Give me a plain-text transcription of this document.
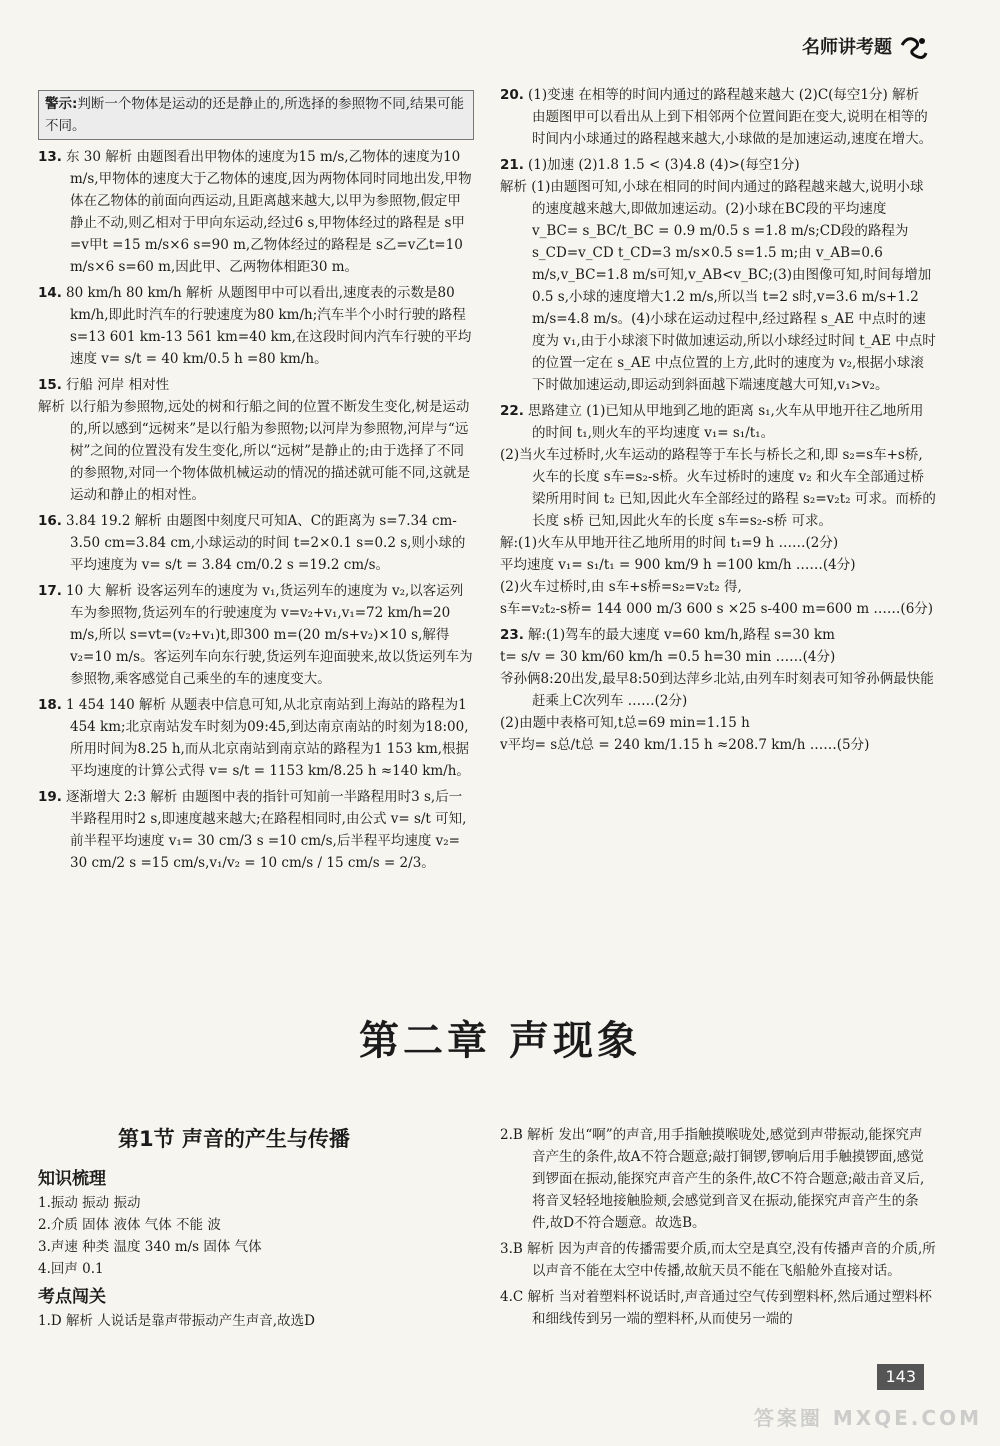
名师讲考题
警示:判断一个物体是运动的还是静止的,所选择的参照物不同,结果可能不同。
13. 东 30 解析 由题图看出甲物体的速度为15 m/s,乙物体的速度为10 m/s,甲物体的速度大于乙物体的速度,因为两物体同时同地出发,甲物体在乙物体的前面向西运动,且距离越来越大,以甲为参照物,假定甲静止不动,则乙相对于甲向东运动,经过6 s,甲物体经过的路程是 s甲=v甲t =15 m/s×6 s=90 m,乙物体经过的路程是 s乙=v乙t=10 m/s×6 s=60 m,因此甲、乙两物体相距30 m。
14. 80 km/h 80 km/h 解析 从题图甲中可以看出,速度表的示数是80 km/h,即此时汽车的行驶速度为80 km/h;汽车半个小时行驶的路程 s=13 601 km-13 561 km=40 km,在这段时间内汽车行驶的平均速度 v= s/t = 40 km/0.5 h =80 km/h。
15. 行船 河岸 相对性
解析 以行船为参照物,远处的树和行船之间的位置不断发生变化,树是运动的,所以感到“远树来”是以行船为参照物;以河岸为参照物,河岸与“远树”之间的位置没有发生变化,所以“远树”是静止的;由于选择了不同的参照物,对同一个物体做机械运动的情况的描述就可能不同,这就是运动和静止的相对性。
16. 3.84 19.2 解析 由题图中刻度尺可知A、C的距离为 s=7.34 cm-3.50 cm=3.84 cm,小球运动的时间 t=2×0.1 s=0.2 s,则小球的平均速度为 v= s/t = 3.84 cm/0.2 s =19.2 cm/s。
17. 10 大 解析 设客运列车的速度为 v₁,货运列车的速度为 v₂,以客运列车为参照物,货运列车的行驶速度为 v=v₂+v₁,v₁=72 km/h=20 m/s,所以 s=vt=(v₂+v₁)t,即300 m=(20 m/s+v₂)×10 s,解得 v₂=10 m/s。客运列车向东行驶,货运列车迎面驶来,故以货运列车为参照物,乘客感觉自己乘坐的车的速度变大。
18. 1 454 140 解析 从题表中信息可知,从北京南站到上海站的路程为1 454 km;北京南站发车时刻为09:45,到达南京南站的时刻为18:00,所用时间为8.25 h,而从北京南站到南京站的路程为1 153 km,根据平均速度的计算公式得 v= s/t = 1153 km/8.25 h ≈140 km/h。
19. 逐渐增大 2:3 解析 由题图中表的指针可知前一半路程用时3 s,后一半路程用时2 s,即速度越来越大;在路程相同时,由公式 v= s/t 可知,前半程平均速度 v₁= 30 cm/3 s =10 cm/s,后半程平均速度 v₂= 30 cm/2 s =15 cm/s,v₁/v₂ = 10 cm/s / 15 cm/s = 2/3。
20. (1)变速 在相等的时间内通过的路程越来越大 (2)C(每空1分) 解析 由题图甲可以看出从上到下相邻两个位置间距在变大,说明在相等的时间内小球通过的路程越来越大,小球做的是加速运动,速度在增大。
21. (1)加速 (2)1.8 1.5 < (3)4.8 (4)>(每空1分)
解析 (1)由题图可知,小球在相同的时间内通过的路程越来越大,说明小球的速度越来越大,即做加速运动。(2)小球在BC段的平均速度 v_BC= s_BC/t_BC = 0.9 m/0.5 s =1.8 m/s;CD段的路程为 s_CD=v_CD t_CD=3 m/s×0.5 s=1.5 m;由 v_AB=0.6 m/s,v_BC=1.8 m/s可知,v_AB<v_BC;(3)由图像可知,时间每增加0.5 s,小球的速度增大1.2 m/s,所以当 t=2 s时,v=3.6 m/s+1.2 m/s=4.8 m/s。(4)小球在运动过程中,经过路程 s_AE 中点时的速度为 v₁,由于小球滚下时做加速运动,所以小球经过时间 t_AE 中点时的位置一定在 s_AE 中点位置的上方,此时的速度为 v₂,根据小球滚下时做加速运动,即运动到斜面越下端速度越大可知,v₁>v₂。
22. 思路建立 (1)已知从甲地到乙地的距离 s₁,火车从甲地开往乙地所用的时间 t₁,则火车的平均速度 v₁= s₁/t₁。
(2)当火车过桥时,火车运动的路程等于车长与桥长之和,即 s₂=s车+s桥,火车的长度 s车=s₂-s桥。火车过桥时的速度 v₂ 和火车全部通过桥梁所用时间 t₂ 已知,因此火车全部经过的路程 s₂=v₂t₂ 可求。而桥的长度 s桥 已知,因此火车的长度 s车=s₂-s桥 可求。
解:(1)火车从甲地开往乙地所用的时间 t₁=9 h ……(2分)
平均速度 v₁= s₁/t₁ = 900 km/9 h =100 km/h ……(4分)
(2)火车过桥时,由 s车+s桥=s₂=v₂t₂ 得,
s车=v₂t₂-s桥= 144 000 m/3 600 s ×25 s-400 m=600 m ……(6分)
23. 解:(1)驾车的最大速度 v=60 km/h,路程 s=30 km
t= s/v = 30 km/60 km/h =0.5 h=30 min ……(4分)
爷孙俩8:20出发,最早8:50到达萍乡北站,由列车时刻表可知爷孙俩最快能赶乘上C次列车 ……(2分)
(2)由题中表格可知,t总=69 min=1.15 h
v平均= s总/t总 = 240 km/1.15 h ≈208.7 km/h ……(5分)
第二章 声现象
第1节 声音的产生与传播
知识梳理
1.振动 振动 振动
2.介质 固体 液体 气体 不能 波
3.声速 种类 温度 340 m/s 固体 气体
4.回声 0.1
考点闯关
1.D 解析 人说话是靠声带振动产生声音,故选D
2.B 解析 发出“啊”的声音,用手指触摸喉咙处,感觉到声带振动,能探究声音产生的条件,故A不符合题意;敲打铜锣,锣响后用手触摸锣面,感觉到锣面在振动,能探究声音产生的条件,故C不符合题意;敲击音叉后,将音叉轻轻地接触脸颊,会感觉到音叉在振动,能探究声音产生的条件,故D不符合题意。故选B。
3.B 解析 因为声音的传播需要介质,而太空是真空,没有传播声音的介质,所以声音不能在太空中传播,故航天员不能在飞船舱外直接对话。
4.C 解析 当对着塑料杯说话时,声音通过空气传到塑料杯,然后通过塑料杯和细线传到另一端的塑料杯,从而使另一端的
143
答案圈 MXQE.COM
